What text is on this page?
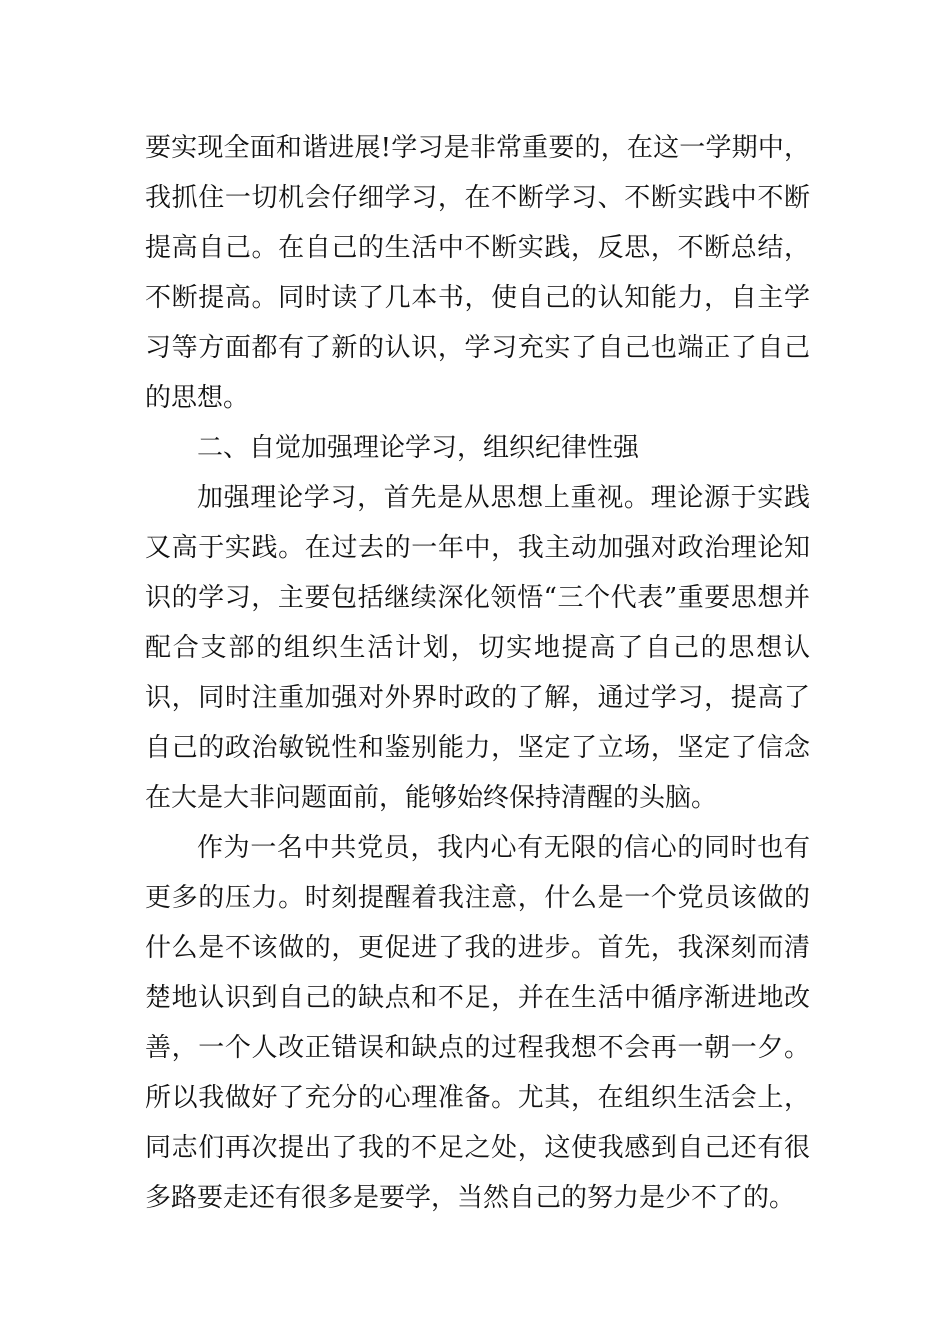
要实现全面和谐进展!学习是非常重要的，在这一学期中，我抓住一切机会仔细学习，在不断学习、不断实践中不断提高自己。在自己的生活中不断实践，反思，不断总结，不断提高。同时读了几本书，使自己的认知能力，自主学习等方面都有了新的认识，学习充实了自己也端正了自己的思想。

二、自觉加强理论学习，组织纪律性强

加强理论学习，首先是从思想上重视。理论源于实践又高于实践。在过去的一年中，我主动加强对政治理论知识的学习，主要包括继续深化领悟“三个代表”重要思想并配合支部的组织生活计划，切实地提高了自己的思想认识，同时注重加强对外界时政的了解，通过学习，提高了自己的政治敏锐性和鉴别能力，坚定了立场，坚定了信念在大是大非问题面前，能够始终保持清醒的头脑。

作为一名中共党员，我内心有无限的信心的同时也有更多的压力。时刻提醒着我注意，什么是一个党员该做的什么是不该做的，更促进了我的进步。首先，我深刻而清楚地认识到自己的缺点和不足，并在生活中循序渐进地改善，一个人改正错误和缺点的过程我想不会再一朝一夕。所以我做好了充分的心理准备。尤其，在组织生活会上，同志们再次提出了我的不足之处，这使我感到自己还有很多路要走还有很多是要学，当然自己的努力是少不了的。
